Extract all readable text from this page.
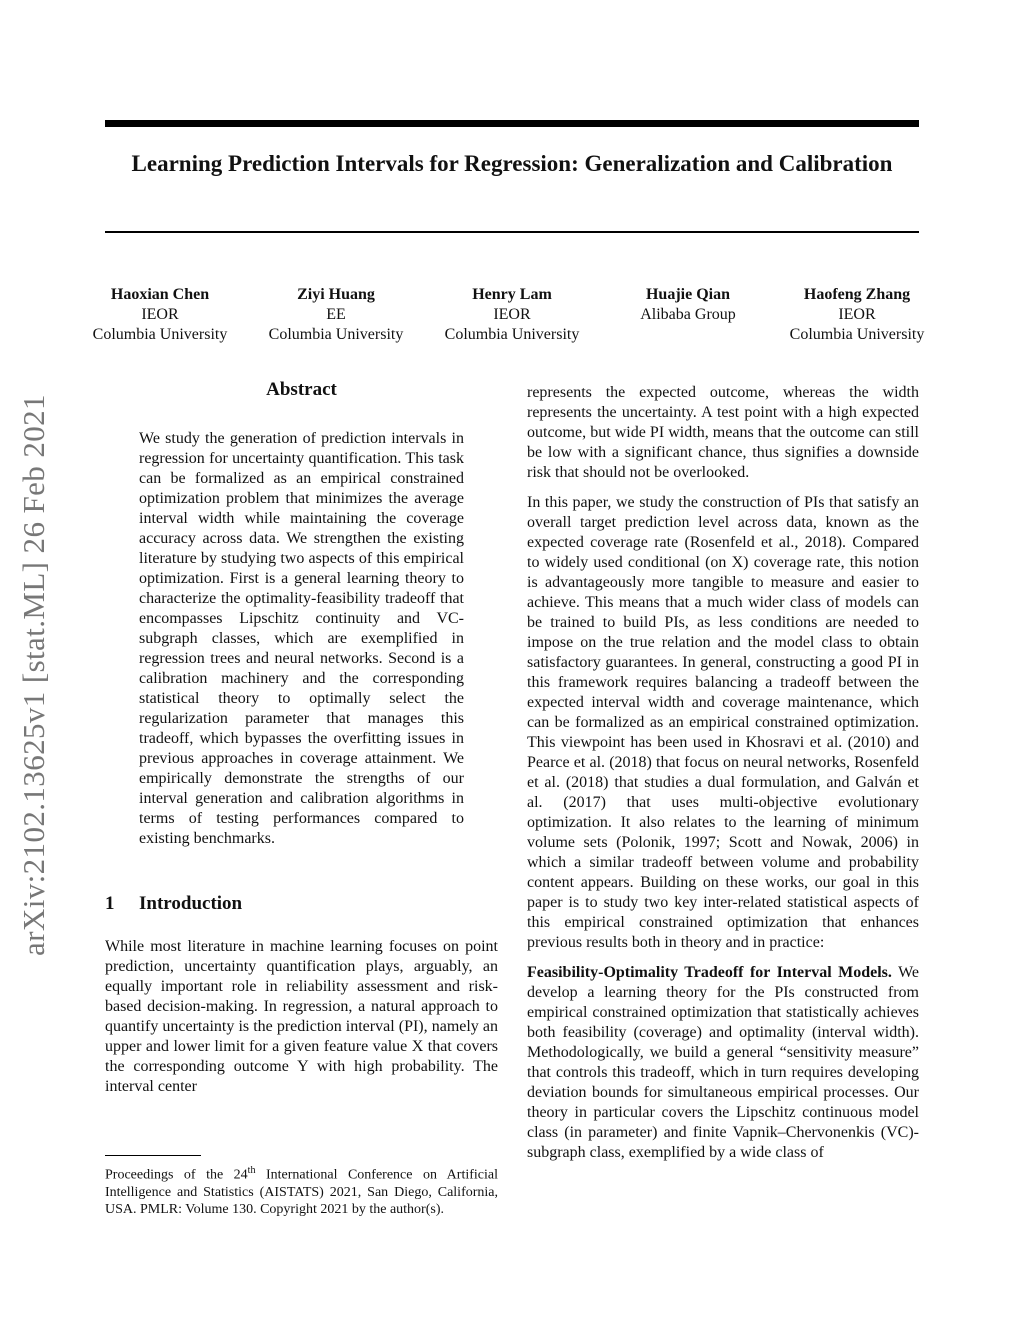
Learning Prediction Intervals for Regression: Generalization and Calibration
Haoxian Chen
IEOR
Columbia University
Ziyi Huang
EE
Columbia University
Henry Lam
IEOR
Columbia University
Huajie Qian
Alibaba Group
Haofeng Zhang
IEOR
Columbia University
arXiv:2102.13625v1 [stat.ML] 26 Feb 2021
Abstract
We study the generation of prediction intervals in regression for uncertainty quantification. This task can be formalized as an empirical constrained optimization problem that minimizes the average interval width while maintaining the coverage accuracy across data. We strengthen the existing literature by studying two aspects of this empirical optimization. First is a general learning theory to characterize the optimality-feasibility tradeoff that encompasses Lipschitz continuity and VC-subgraph classes, which are exemplified in regression trees and neural networks. Second is a calibration machinery and the corresponding statistical theory to optimally select the regularization parameter that manages this tradeoff, which bypasses the overfitting issues in previous approaches in coverage attainment. We empirically demonstrate the strengths of our interval generation and calibration algorithms in terms of testing performances compared to existing benchmarks.
1 Introduction

While most literature in machine learning focuses on point prediction, uncertainty quantification plays, arguably, an equally important role in reliability assessment and risk-based decision-making. In regression, a natural approach to quantify uncertainty is the prediction interval (PI), namely an upper and lower limit for a given feature value X that covers the corresponding outcome Y with high probability. The interval center

Proceedings of the 24th International Conference on Artificial Intelligence and Statistics (AISTATS) 2021, San Diego, California, USA. PMLR: Volume 130. Copyright 2021 by the author(s).

represents the expected outcome, whereas the width represents the uncertainty. A test point with a high expected outcome, but wide PI width, means that the outcome can still be low with a significant chance, thus signifies a downside risk that should not be overlooked.

In this paper, we study the construction of PIs that satisfy an overall target prediction level across data, known as the expected coverage rate (Rosenfeld et al., 2018). Compared to widely used conditional (on X) coverage rate, this notion is advantageously more tangible to measure and easier to achieve. This means that a much wider class of models can be trained to build PIs, as less conditions are needed to impose on the true relation and the model class to obtain satisfactory guarantees. In general, constructing a good PI in this framework requires balancing a tradeoff between the expected interval width and coverage maintenance, which can be formalized as an empirical constrained optimization. This viewpoint has been used in Khosravi et al. (2010) and Pearce et al. (2018) that focus on neural networks, Rosenfeld et al. (2018) that studies a dual formulation, and Galván et al. (2017) that uses multi-objective evolutionary optimization. It also relates to the learning of minimum volume sets (Polonik, 1997; Scott and Nowak, 2006) in which a similar tradeoff between volume and probability content appears. Building on these works, our goal in this paper is to study two key inter-related statistical aspects of this empirical constrained optimization that enhances previous results both in theory and in practice:

Feasibility-Optimality Tradeoff for Interval Models. We develop a learning theory for the PIs constructed from empirical constrained optimization that statistically achieves both feasibility (coverage) and optimality (interval width). Methodologically, we build a general “sensitivity measure” that controls this tradeoff, which in turn requires developing deviation bounds for simultaneous empirical processes. Our theory in particular covers the Lipschitz continuous model class (in parameter) and finite Vapnik–Chervonenkis (VC)-subgraph class, exemplified by a wide class of
